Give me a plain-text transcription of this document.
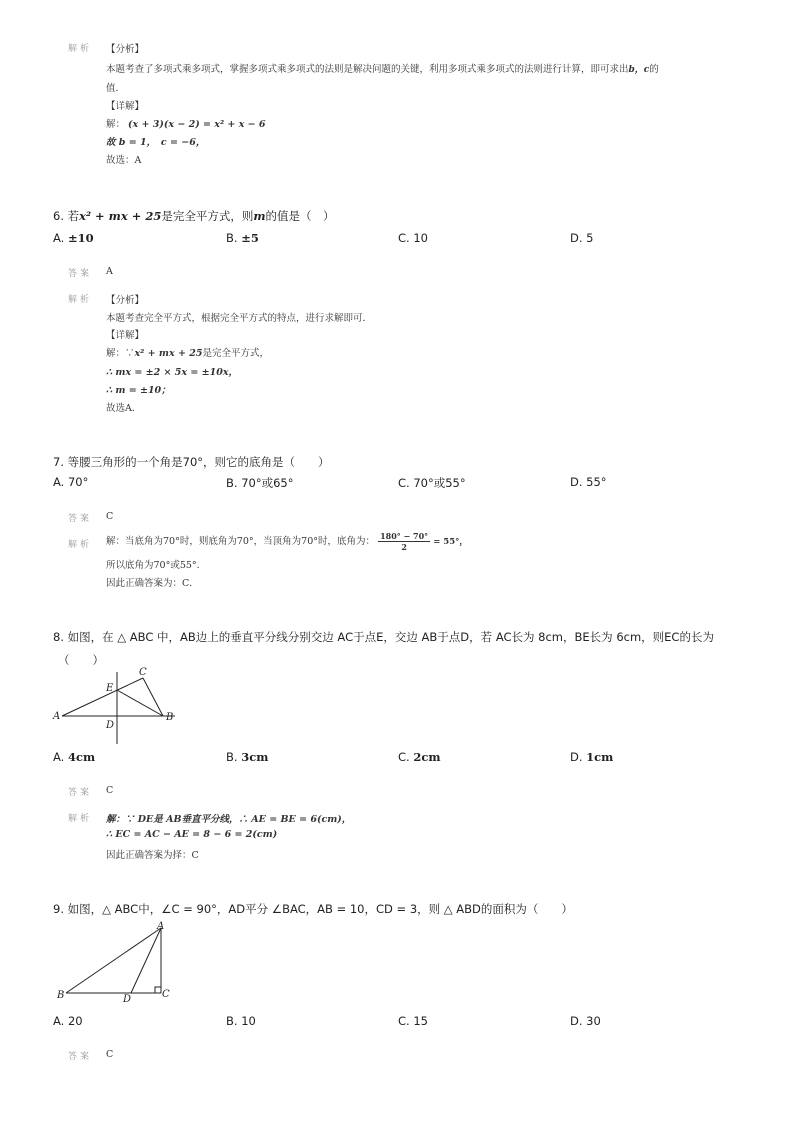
解析 【分析】
本题考查了多项式乘多项式，掌握多项式乘多项式的法则是解决问题的关键，利用多项式乘多项式的法则进行计算，即可求出b，c的
值．
【详解】
解： (x + 3)(x − 2) = x² + x − 6
故 b = 1，　c = −6，
故选：A
6. 若x² + mx + 25是完全平方式，则m的值是（　）
A. ±10	B. ±5	C. 10	D. 5
答案 A
解析 【分析】
本题考查完全平方式，根据完全平方式的特点，进行求解即可．
【详解】
解：∵x² + mx + 25是完全平方式，
∴ mx = ±2 × 5x = ±10x，
∴ m = ±10；
故选A．
7. 等腰三角形的一个角是70°，则它的底角是（　　）
A. 70°	B. 70°或65°	C. 70°或55°	D. 55°
答案 C
解析 解：当底角为70°时，则底角为70°，当顶角为70°时，底角为： $\frac{180^\circ - 70^\circ}{2} = 55^\circ$，
所以底角为70°或55°．
因此正确答案为：C．
8. 如图，在 △ ABC 中，AB边上的垂直平分线分别交边 AC于点E，交边 AB于点D，若 AC长为 8cm，BE长为 6cm，则EC的长为
（　　）
A	B
C
D
E
A. 4cm	B. 3cm	C. 2cm	D. 1cm
答案 C
解析 解：∵ DE是 AB垂直平分线，∴ AE = BE = 6(cm)，
∴ EC = AC − AE = 8 − 6 = 2(cm)
因此正确答案为择：C
9. 如图，△ ABC中，∠C = 90°，AD平分 ∠BAC，AB = 10，CD = 3，则 △ ABD的面积为（　　）
A
B	C
D
A. 20	B. 10	C. 15	D. 30
答案 C
